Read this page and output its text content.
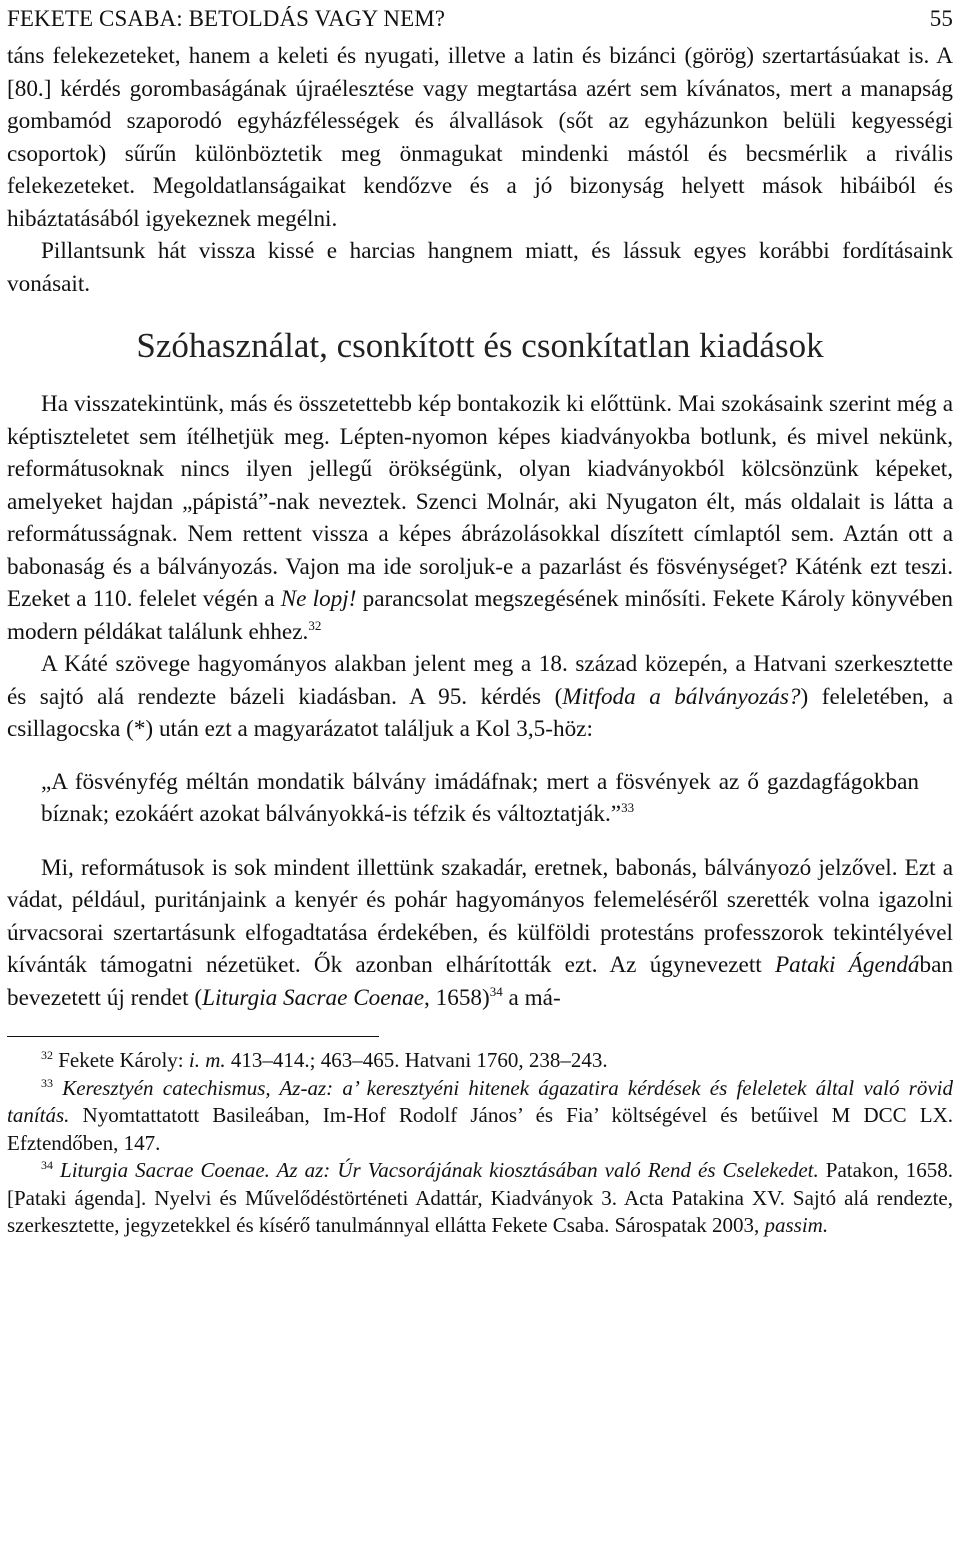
FEKETE CSABA: BETOLDÁS VAGY NEM?	55

táns felekezeteket, hanem a keleti és nyugati, illetve a latin és bizánci (görög) szertartásúakat is. A [80.] kérdés gorombaságának újraélesztése vagy megtartása azért sem kívánatos, mert a manapság gombamód szaporodó egyházfélességek és álvallások (sőt az egyházunkon belüli kegyességi csoportok) sűrűn különböztetik meg önmagukat mindenki mástól és becsmérlik a rivális felekezeteket. Megoldatlanságaikat kendőzve és a jó bizonyság helyett mások hibáiból és hibáztatásából igyekeznek megélni.

Pillantsunk hát vissza kissé e harcias hangnem miatt, és lássuk egyes korábbi fordításaink vonásait.

Szóhasználat, csonkított és csonkítatlan kiadások

Ha visszatekintünk, más és összetettebb kép bontakozik ki előttünk. Mai szokásaink szerint még a képtiszteletet sem ítélhetjük meg. Lépten-nyomon képes kiadványokba botlunk, és mivel nekünk, reformátusoknak nincs ilyen jellegű örökségünk, olyan kiadványokból kölcsönzünk képeket, amelyeket hajdan „pápistá”-nak neveztek. Szenci Molnár, aki Nyugaton élt, más oldalait is látta a reformátusságnak. Nem rettent vissza a képes ábrázolásokkal díszített címlaptól sem. Aztán ott a babonaság és a bálványozás. Vajon ma ide soroljuk-e a pazarlást és fösvénységet? Káténk ezt teszi. Ezeket a 110. felelet végén a Ne lopj! parancsolat megszegésének minősíti. Fekete Károly könyvében modern példákat találunk ehhez.$^{32}$

A Káté szövege hagyományos alakban jelent meg a 18. század közepén, a Hatvani szerkesztette és sajtó alá rendezte bázeli kiadásban. A 95. kérdés (Mitfoda a bálványozás?) feleletében, a csillagocska (*) után ezt a magyarázatot találjuk a Kol 3,5-höz:

„A fösvényfég méltán mondatik bálvány imádáfnak; mert a fösvények az ő gazdagfágokban bíznak; ezokáért azokat bálványokká-is téfzik és változtatják.”$^{33}$

Mi, reformátusok is sok mindent illettünk szakadár, eretnek, babonás, bálványozó jelzővel. Ezt a vádat, például, puritánjaink a kenyér és pohár hagyományos felemeléséről szerették volna igazolni úrvacsorai szertartásunk elfogadtatása érdekében, és külföldi protestáns professzorok tekintélyével kívánták támogatni nézetüket. Ők azonban elhárították ezt. Az úgynevezett Pataki Ágendában bevezetett új rendet (Liturgia Sacrae Coenae, 1658)$^{34}$ a má-

$^{32}$ Fekete Károly: i. m. 413–414.; 463–465. Hatvani 1760, 238–243.

$^{33}$ Keresztyén catechismus, Az-az: a’ keresztyéni hitenek ágazatira kérdések és feleletek által való rövid tanítás. Nyomtattatott Basileában, Im-Hof Rodolf János’ és Fia’ költségével és betűivel M DCC LX. Efztendőben, 147.

$^{34}$ Liturgia Sacrae Coenae. Az az: Úr Vacsorájának kiosztásában való Rend és Cselekedet. Patakon, 1658. [Pataki ágenda]. Nyelvi és Művelődéstörténeti Adattár, Kiadványok 3. Acta Patakina XV. Sajtó alá rendezte, szerkesztette, jegyzetekkel és kísérő tanulmánnyal ellátta Fekete Csaba. Sárospatak 2003, passim.
